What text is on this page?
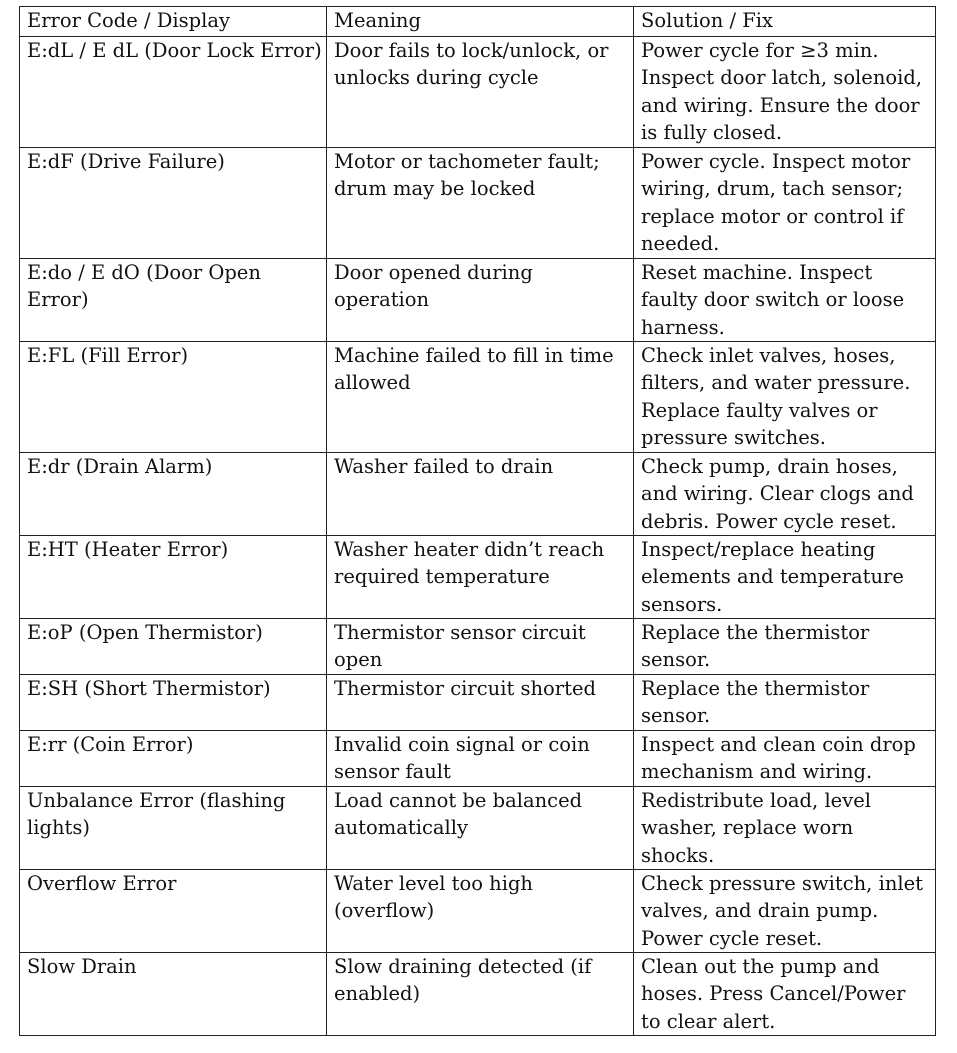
Error Code / Display	Meaning	Solution / Fix
E:dL / E dL (Door Lock Error)	Door fails to lock/unlock, or unlocks during cycle	Power cycle for ≥3 min. Inspect door latch, solenoid, and wiring. Ensure the door is fully closed.
E:dF (Drive Failure)	Motor or tachometer fault; drum may be locked	Power cycle. Inspect motor wiring, drum, tach sensor; replace motor or control if needed.
E:do / E dO (Door Open Error)	Door opened during operation	Reset machine. Inspect faulty door switch or loose harness.
E:FL (Fill Error)	Machine failed to fill in time allowed	Check inlet valves, hoses, filters, and water pressure. Replace faulty valves or pressure switches.
E:dr (Drain Alarm)	Washer failed to drain	Check pump, drain hoses, and wiring. Clear clogs and debris. Power cycle reset.
E:HT (Heater Error)	Washer heater didn’t reach required temperature	Inspect/replace heating elements and temperature sensors.
E:oP (Open Thermistor)	Thermistor sensor circuit open	Replace the thermistor sensor.
E:SH (Short Thermistor)	Thermistor circuit shorted	Replace the thermistor sensor.
E:rr (Coin Error)	Invalid coin signal or coin sensor fault	Inspect and clean coin drop mechanism and wiring.
Unbalance Error (flashing lights)	Load cannot be balanced automatically	Redistribute load, level washer, replace worn shocks.
Overflow Error	Water level too high (overflow)	Check pressure switch, inlet valves, and drain pump. Power cycle reset.
Slow Drain	Slow draining detected (if enabled)	Clean out the pump and hoses. Press Cancel/Power to clear alert.
